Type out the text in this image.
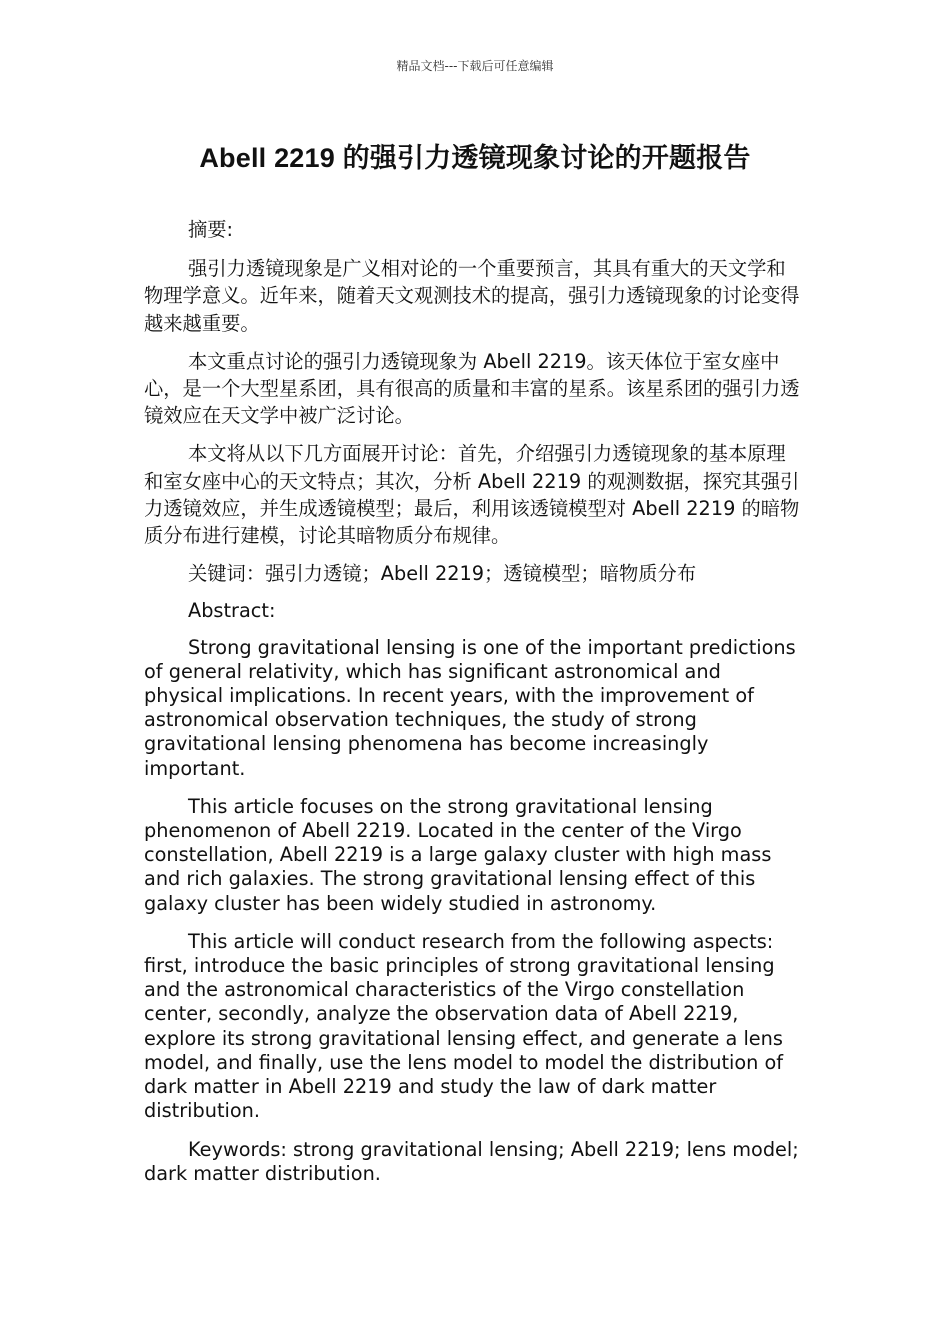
精品文档---下载后可任意编辑
Abell 2219 的强引力透镜现象讨论的开题报告

摘要:

强引力透镜现象是广义相对论的一个重要预言，其具有重大的天文学和物理学意义。近年来，随着天文观测技术的提高，强引力透镜现象的讨论变得越来越重要。

本文重点讨论的强引力透镜现象为 Abell 2219。该天体位于室女座中心，是一个大型星系团，具有很高的质量和丰富的星系。该星系团的强引力透镜效应在天文学中被广泛讨论。

本文将从以下几方面展开讨论：首先，介绍强引力透镜现象的基本原理和室女座中心的天文特点；其次，分析 Abell 2219 的观测数据，探究其强引力透镜效应，并生成透镜模型；最后，利用该透镜模型对 Abell 2219 的暗物质分布进行建模，讨论其暗物质分布规律。

关键词：强引力透镜；Abell 2219；透镜模型；暗物质分布

Abstract:

Strong gravitational lensing is one of the important predictions of general relativity, which has significant astronomical and physical implications. In recent years, with the improvement of astronomical observation techniques, the study of strong gravitational lensing phenomena has become increasingly important.

This article focuses on the strong gravitational lensing phenomenon of Abell 2219. Located in the center of the Virgo constellation, Abell 2219 is a large galaxy cluster with high mass and rich galaxies. The strong gravitational lensing effect of this galaxy cluster has been widely studied in astronomy.

This article will conduct research from the following aspects: first, introduce the basic principles of strong gravitational lensing and the astronomical characteristics of the Virgo constellation center, secondly, analyze the observation data of Abell 2219, explore its strong gravitational lensing effect, and generate a lens model, and finally, use the lens model to model the distribution of dark matter in Abell 2219 and study the law of dark matter distribution.

Keywords: strong gravitational lensing; Abell 2219; lens model; dark matter distribution.
